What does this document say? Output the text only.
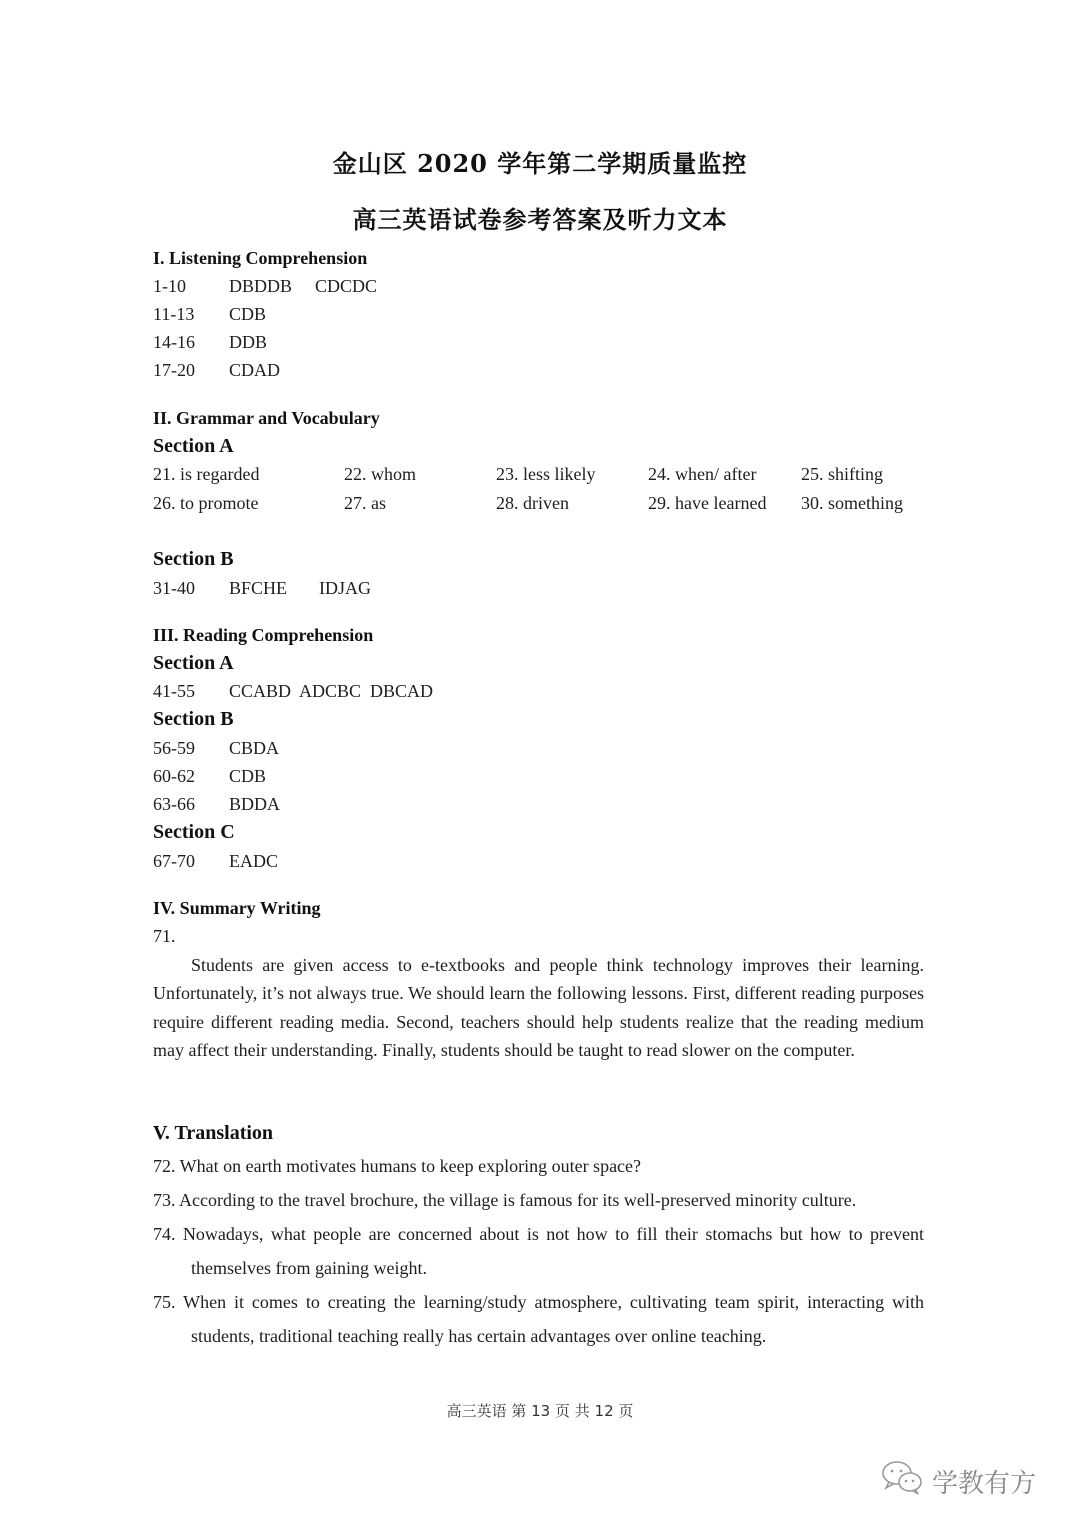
金山区 2020 学年第二学期质量监控
高三英语试卷参考答案及听力文本
I. Listening Comprehension
1-10 DBDDB CDCDC
11-13 CDB
14-16 DDB
17-20 CDAD
II. Grammar and Vocabulary
Section A
21. is regarded	22. whom	23. less likely	24. when/ after 25. shifting
26. to promote	27. as	28. driven	29. have learned 30. something
Section B
31-40 BFCHE IDJAG
III. Reading Comprehension
Section A
41-55 CCABD  ADCBC  DBCAD
Section B
56-59 CBDA
60-62 CDB
63-66 BDDA
Section C
67-70 EADC
IV. Summary Writing
71.
Students are given access to e-textbooks and people think technology improves their learning. Unfortunately, it’s not always true. We should learn the following lessons. First, different reading purposes require different reading media. Second, teachers should help students realize that the reading medium may affect their understanding. Finally, students should be taught to read slower on the computer.
V. Translation
72. What on earth motivates humans to keep exploring outer space?
73. According to the travel brochure, the village is famous for its well-preserved minority culture.
74. Nowadays, what people are concerned about is not how to fill their stomachs but how to prevent themselves from gaining weight.
75. When it comes to creating the learning/study atmosphere, cultivating team spirit, interacting with students, traditional teaching really has certain advantages over online teaching.
高三英语 第 13 页 共 12 页
学教有方
